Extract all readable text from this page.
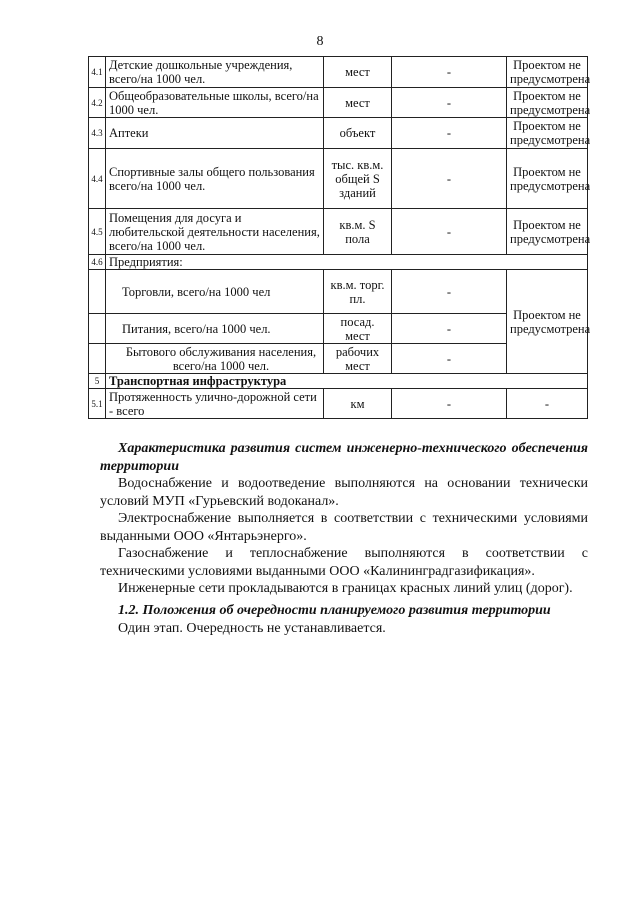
8
4.1	Детские дошкольные учреждения, всего/на 1000 чел.	мест	-	Проектом не предусмотрена
4.2	Общеобразовательные школы, всего/на 1000 чел.	мест	-	Проектом не предусмотрена
4.3	Аптеки	объект	-	Проектом не предусмотрена
4.4	Спортивные залы общего пользования всего/на 1000 чел.	тыс. кв.м. общей S зданий	-	Проектом не предусмотрена
4.5	Помещения для досуга и любительской деятельности населения, всего/на 1000 чел.	кв.м. S пола	-	Проектом не предусмотрена
4.6	Предприятия:			
	Торговли, всего/на 1000 чел	кв.м. торг. пл.	-	Проектом не предусмотрена
	Питания, всего/на 1000 чел.	посад. мест	-	
	Бытового обслуживания населения, всего/на 1000 чел.	рабочих мест	-	
5	Транспортная инфраструктура			
5.1	Протяженность улично-дорожной сети - всего	км	-	-

Характеристика развития систем инженерно-технического обеспечения территории

Водоснабжение и водоотведение выполняются на основании технически условий МУП «Гурьевский водоканал».

Электроснабжение выполняется в соответствии с техническими условиями выданными ООО «Янтарьэнерго».

Газоснабжение и теплоснабжение выполняются в соответствии с техническими условиями выданными ООО «Калининградгазификация».

Инженерные сети прокладываются в границах красных линий улиц (дорог).

1.2. Положения об очередности планируемого развития территории

Один этап. Очередность не устанавливается.
